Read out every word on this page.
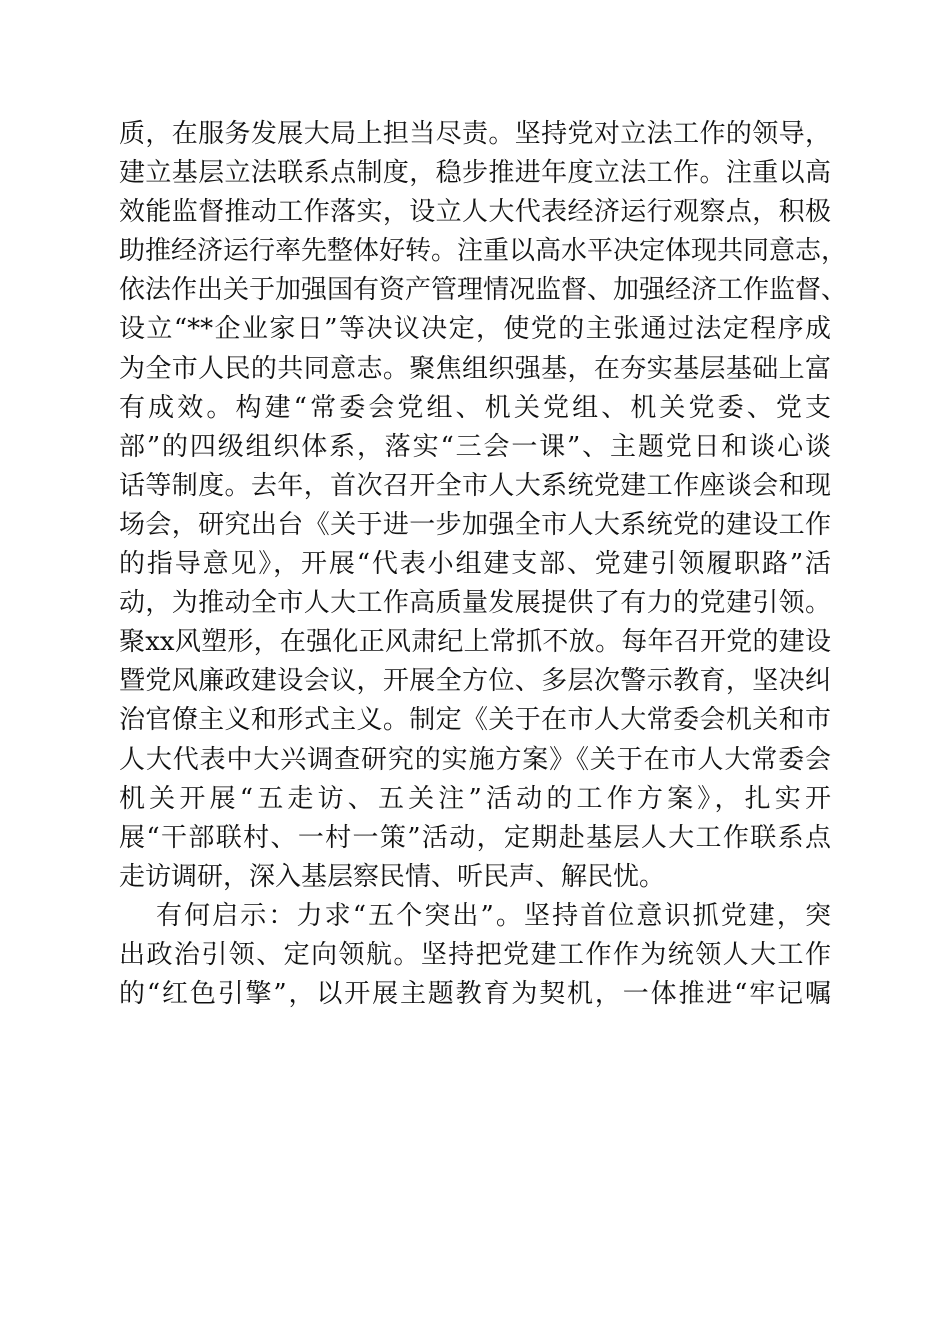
质，在服务发展大局上担当尽责。坚持党对立法工作的领导，
建立基层立法联系点制度，稳步推进年度立法工作。注重以高
效能监督推动工作落实，设立人大代表经济运行观察点，积极
助推经济运行率先整体好转。注重以高水平决定体现共同意志，
依法作出关于加强国有资产管理情况监督、加强经济工作监督、
设立“**企业家日”等决议决定，使党的主张通过法定程序成
为全市人民的共同意志。聚焦组织强基，在夯实基层基础上富
有成效。构建“常委会党组、机关党组、机关党委、党支
部”的四级组织体系，落实“三会一课”、主题党日和谈心谈
话等制度。去年，首次召开全市人大系统党建工作座谈会和现
场会，研究出台《关于进一步加强全市人大系统党的建设工作
的指导意见》，开展“代表小组建支部、党建引领履职路”活
动，为推动全市人大工作高质量发展提供了有力的党建引领。
聚xx风塑形，在强化正风肃纪上常抓不放。每年召开党的建设
暨党风廉政建设会议，开展全方位、多层次警示教育，坚决纠
治官僚主义和形式主义。制定《关于在市人大常委会机关和市
人大代表中大兴调查研究的实施方案》《关于在市人大常委会
机关开展“五走访、五关注”活动的工作方案》，扎实开
展“干部联村、一村一策”活动，定期赴基层人大工作联系点
走访调研，深入基层察民情、听民声、解民忧。
有何启示：力求“五个突出”。坚持首位意识抓党建，突
出政治引领、定向领航。坚持把党建工作作为统领人大工作
的“红色引擎”，以开展主题教育为契机，一体推进“牢记嘱
